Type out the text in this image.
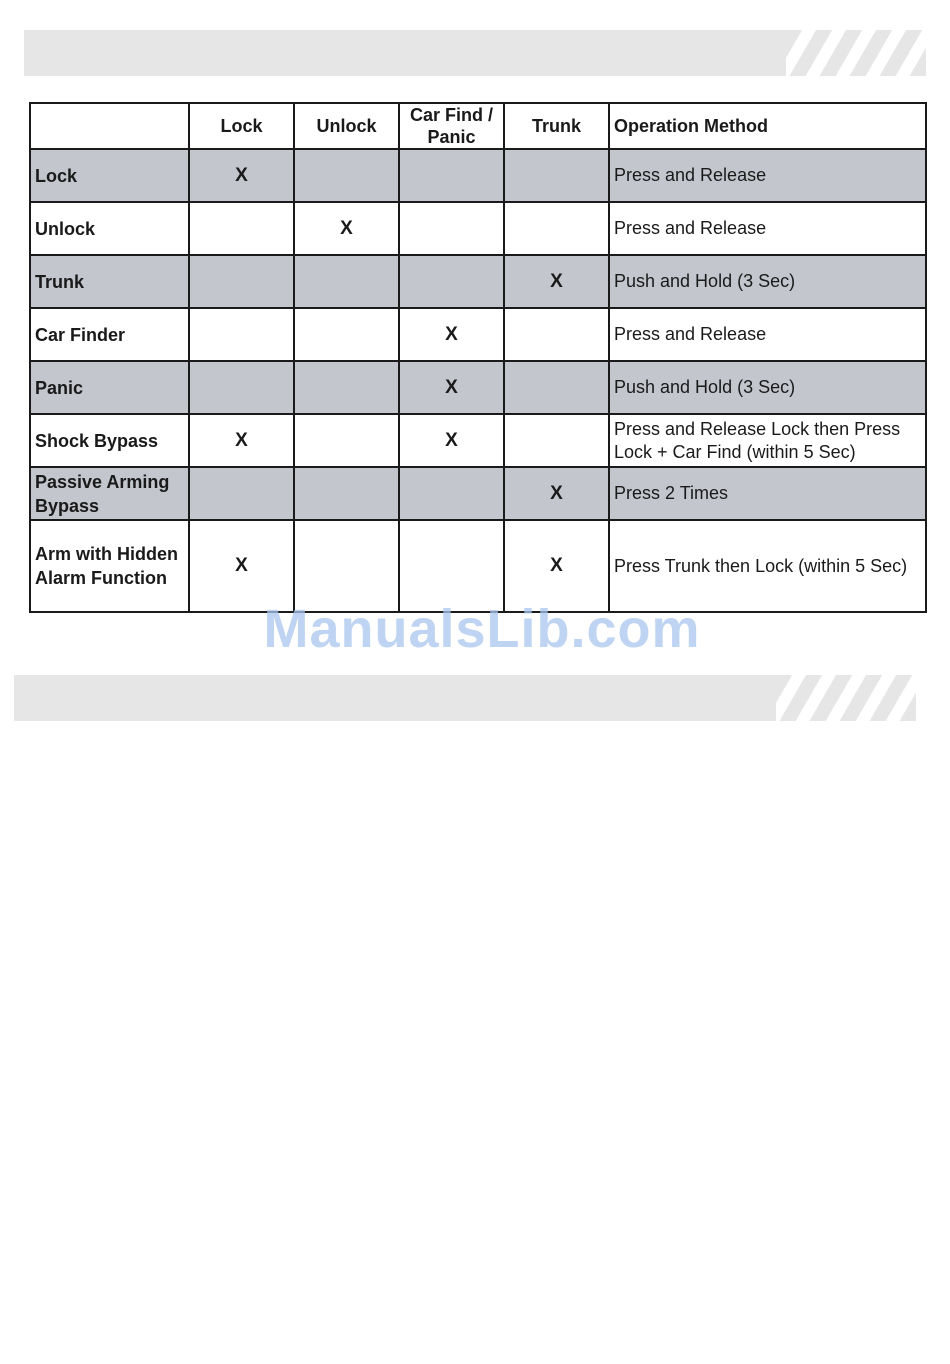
	Lock	Unlock	Car Find / Panic	Trunk	Operation Method
Lock	X				Press and Release
Unlock		X			Press and Release
Trunk				X	Push and Hold (3 Sec)
Car Finder			X		Press and Release
Panic			X		Push and Hold (3 Sec)
Shock Bypass	X		X		Press and Release Lock then Press Lock + Car Find (within 5 Sec)
Passive Arming Bypass				X	Press 2 Times
Arm with Hidden Alarm Function	X			X	Press Trunk then Lock (within 5 Sec)
ManualsLib.com
